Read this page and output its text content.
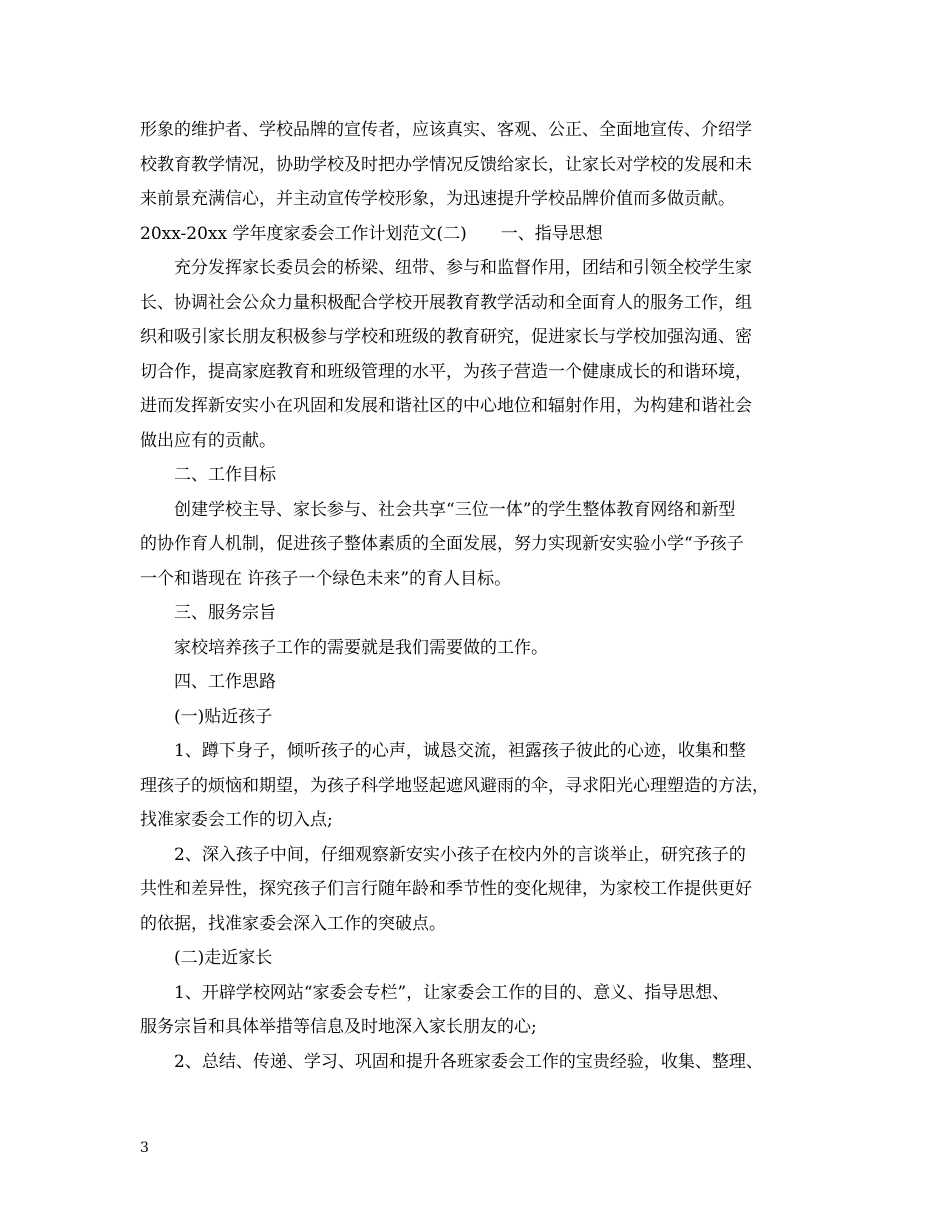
形象的维护者、学校品牌的宣传者，应该真实、客观、公正、全面地宣传、介绍学
校教育教学情况，协助学校及时把办学情况反馈给家长，让家长对学校的发展和未
来前景充满信心，并主动宣传学校形象，为迅速提升学校品牌价值而多做贡献。
20xx-20xx 学年度家委会工作计划范文(二)　　一、指导思想
充分发挥家长委员会的桥梁、纽带、参与和监督作用，团结和引领全校学生家
长、协调社会公众力量积极配合学校开展教育教学活动和全面育人的服务工作，组
织和吸引家长朋友积极参与学校和班级的教育研究，促进家长与学校加强沟通、密
切合作，提高家庭教育和班级管理的水平，为孩子营造一个健康成长的和谐环境，
进而发挥新安实小在巩固和发展和谐社区的中心地位和辐射作用，为构建和谐社会
做出应有的贡献。
二、工作目标
创建学校主导、家长参与、社会共享“三位一体”的学生整体教育网络和新型
的协作育人机制，促进孩子整体素质的全面发展，努力实现新安实验小学“予孩子
一个和谐现在 许孩子一个绿色未来”的育人目标。
三、服务宗旨
家校培养孩子工作的需要就是我们需要做的工作。
四、工作思路
(一)贴近孩子
1、蹲下身子，倾听孩子的心声，诚恳交流，袒露孩子彼此的心迹，收集和整
理孩子的烦恼和期望，为孩子科学地竖起遮风避雨的伞，寻求阳光心理塑造的方法，
找准家委会工作的切入点;
2、深入孩子中间，仔细观察新安实小孩子在校内外的言谈举止，研究孩子的
共性和差异性，探究孩子们言行随年龄和季节性的变化规律，为家校工作提供更好
的依据，找准家委会深入工作的突破点。
(二)走近家长
1、开辟学校网站“家委会专栏”，让家委会工作的目的、意义、指导思想、
服务宗旨和具体举措等信息及时地深入家长朋友的心;
2、总结、传递、学习、巩固和提升各班家委会工作的宝贵经验，收集、整理、
3
